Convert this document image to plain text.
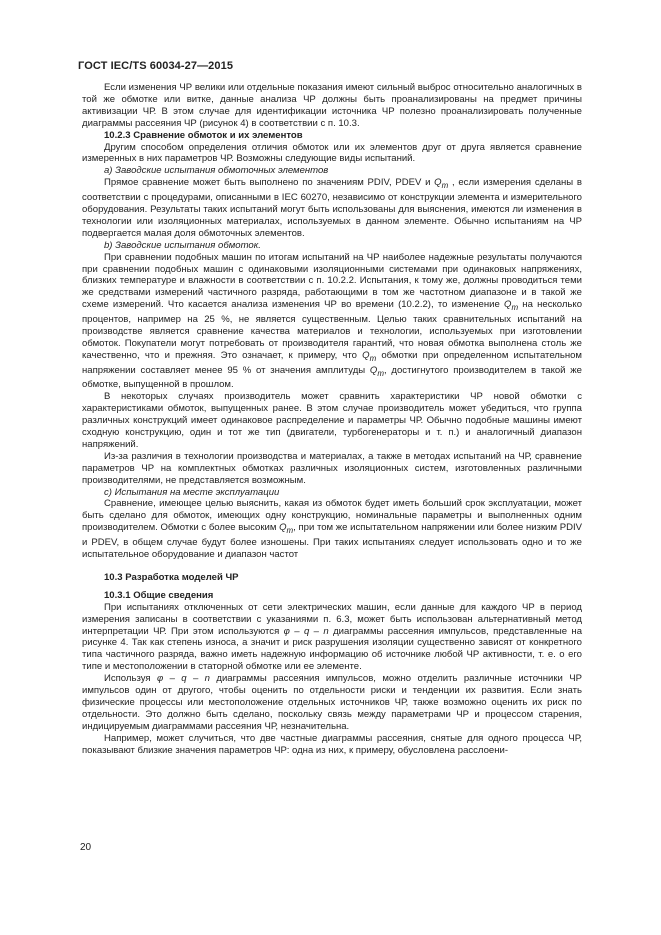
ГОСТ IEC/TS 60034-27—2015

Если изменения ЧР велики или отдельные показания имеют сильный выброс относительно аналогичных в той же обмотке или витке, данные анализа ЧР должны быть проанализированы на предмет причины активизации ЧР. В этом случае для идентификации источника ЧР полезно проанализировать полученные диаграммы рассеяния ЧР (рисунок 4) в соответствии с п. 10.3.

10.2.3 Сравнение обмоток и их элементов

Другим способом определения отличия обмоток или их элементов друг от друга является сравнение измеренных в них параметров ЧР. Возможны следующие виды испытаний.

a) Заводские испытания обмоточных элементов

Прямое сравнение может быть выполнено по значениям PDIV, PDEV и $Q_m$ , если измерения сделаны в соответствии с процедурами, описанными в IEC 60270, независимо от конструкции элемента и измерительного оборудования. Результаты таких испытаний могут быть использованы для выяснения, имеются ли изменения в технологии или изоляционных материалах, используемых в данном элементе. Обычно испытаниям на ЧР подвергается малая доля обмоточных элементов.

b) Заводские испытания обмоток.

При сравнении подобных машин по итогам испытаний на ЧР наиболее надежные результаты получаются при сравнении подобных машин с одинаковыми изоляционными системами при одинаковых напряжениях, близких температуре и влажности в соответствии с п. 10.2.2. Испытания, к тому же, должны проводиться теми же средствами измерений частичного разряда, работающими в том же частотном диапазоне и в такой же схеме измерений. Что касается анализа изменения ЧР во времени (10.2.2), то изменение $Q_m$ на несколько процентов, например на 25 %, не является существенным. Целью таких сравнительных испытаний на производстве является сравнение качества материалов и технологии, используемых при изготовлении обмоток. Покупатели могут потребовать от производителя гарантий, что новая обмотка выполнена столь же качественно, что и прежняя. Это означает, к примеру, что $Q_m$ обмотки при определенном испытательном напряжении составляет менее 95 % от значения амплитуды $Q_m$, достигнутого производителем в такой же обмотке, выпущенной в прошлом.

В некоторых случаях производитель может сравнить характеристики ЧР новой обмотки с характеристиками обмоток, выпущенных ранее. В этом случае производитель может убедиться, что группа различных конструкций имеет одинаковое распределение и параметры ЧР. Обычно подобные машины имеют сходную конструкцию, один и тот же тип (двигатели, турбогенераторы и т. п.) и аналогичный диапазон напряжений.

Из-за различия в технологии производства и материалах, а также в методах испытаний на ЧР, сравнение параметров ЧР на комплектных обмотках различных изоляционных систем, изготовленных различными производителями, не представляется возможным.

c) Испытания на месте эксплуатации

Сравнение, имеющее целью выяснить, какая из обмоток будет иметь больший срок эксплуатации, может быть сделано для обмоток, имеющих одну конструкцию, номинальные параметры и выполненных одним производителем. Обмотки с более высоким $Q_m$, при том же испытательном напряжении или более низким PDIV и PDEV, в общем случае будут более изношены. При таких испытаниях следует использовать одно и то же испытательное оборудование и диапазон частот

10.3 Разработка моделей ЧР
10.3.1 Общие сведения

При испытаниях отключенных от сети электрических машин, если данные для каждого ЧР в период измерения записаны в соответствии с указаниями п. 6.3, может быть использован альтернативный метод интерпретации ЧР. При этом используются φ – q – n диаграммы рассеяния импульсов, представленные на рисунке 4. Так как степень износа, а значит и риск разрушения изоляции существенно зависят от конкретного типа частичного разряда, важно иметь надежную информацию об источнике любой ЧР активности, т. е. о его типе и местоположении в статорной обмотке или ее элементе.

Используя φ – q – n диаграммы рассеяния импульсов, можно отделить различные источники ЧР импульсов один от другого, чтобы оценить по отдельности риски и тенденции их развития. Если знать физические процессы или местоположение отдельных источников ЧР, также возможно оценить их риск по отдельности. Это должно быть сделано, поскольку связь между параметрами ЧР и процессом старения, индицируемым диаграммами рассеяния ЧР, незначительна.

Например, может случиться, что две частные диаграммы рассеяния, снятые для одного процесса ЧР, показывают близкие значения параметров ЧР: одна из них, к примеру, обусловлена расслоени-

20
